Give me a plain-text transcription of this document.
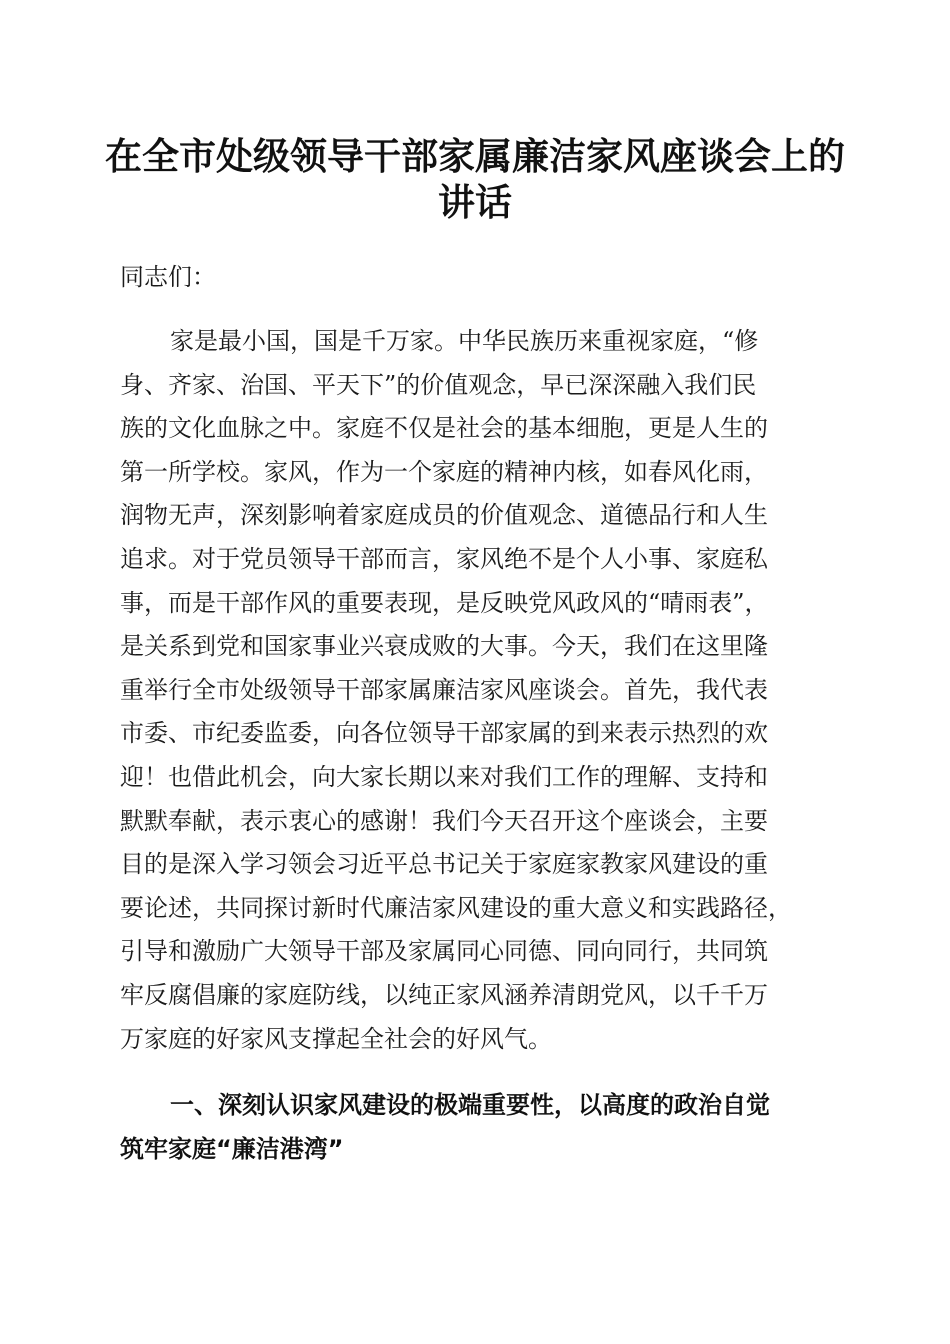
在全市处级领导干部家属廉洁家风座谈会上的
讲话
同志们：

家是最小国，国是千万家。中华民族历来重视家庭，“修
身、齐家、治国、平天下”的价值观念，早已深深融入我们民
族的文化血脉之中。家庭不仅是社会的基本细胞，更是人生的
第一所学校。家风，作为一个家庭的精神内核，如春风化雨，
润物无声，深刻影响着家庭成员的价值观念、道德品行和人生
追求。对于党员领导干部而言，家风绝不是个人小事、家庭私
事，而是干部作风的重要表现，是反映党风政风的“晴雨表”，
是关系到党和国家事业兴衰成败的大事。今天，我们在这里隆
重举行全市处级领导干部家属廉洁家风座谈会。首先，我代表
市委、市纪委监委，向各位领导干部家属的到来表示热烈的欢
迎！也借此机会，向大家长期以来对我们工作的理解、支持和
默默奉献，表示衷心的感谢！我们今天召开这个座谈会，主要
目的是深入学习领会习近平总书记关于家庭家教家风建设的重
要论述，共同探讨新时代廉洁家风建设的重大意义和实践路径，
引导和激励广大领导干部及家属同心同德、同向同行，共同筑
牢反腐倡廉的家庭防线，以纯正家风涵养清朗党风，以千千万
万家庭的好家风支撑起全社会的好风气。

一、深刻认识家风建设的极端重要性，以高度的政治自觉
筑牢家庭“廉洁港湾”
